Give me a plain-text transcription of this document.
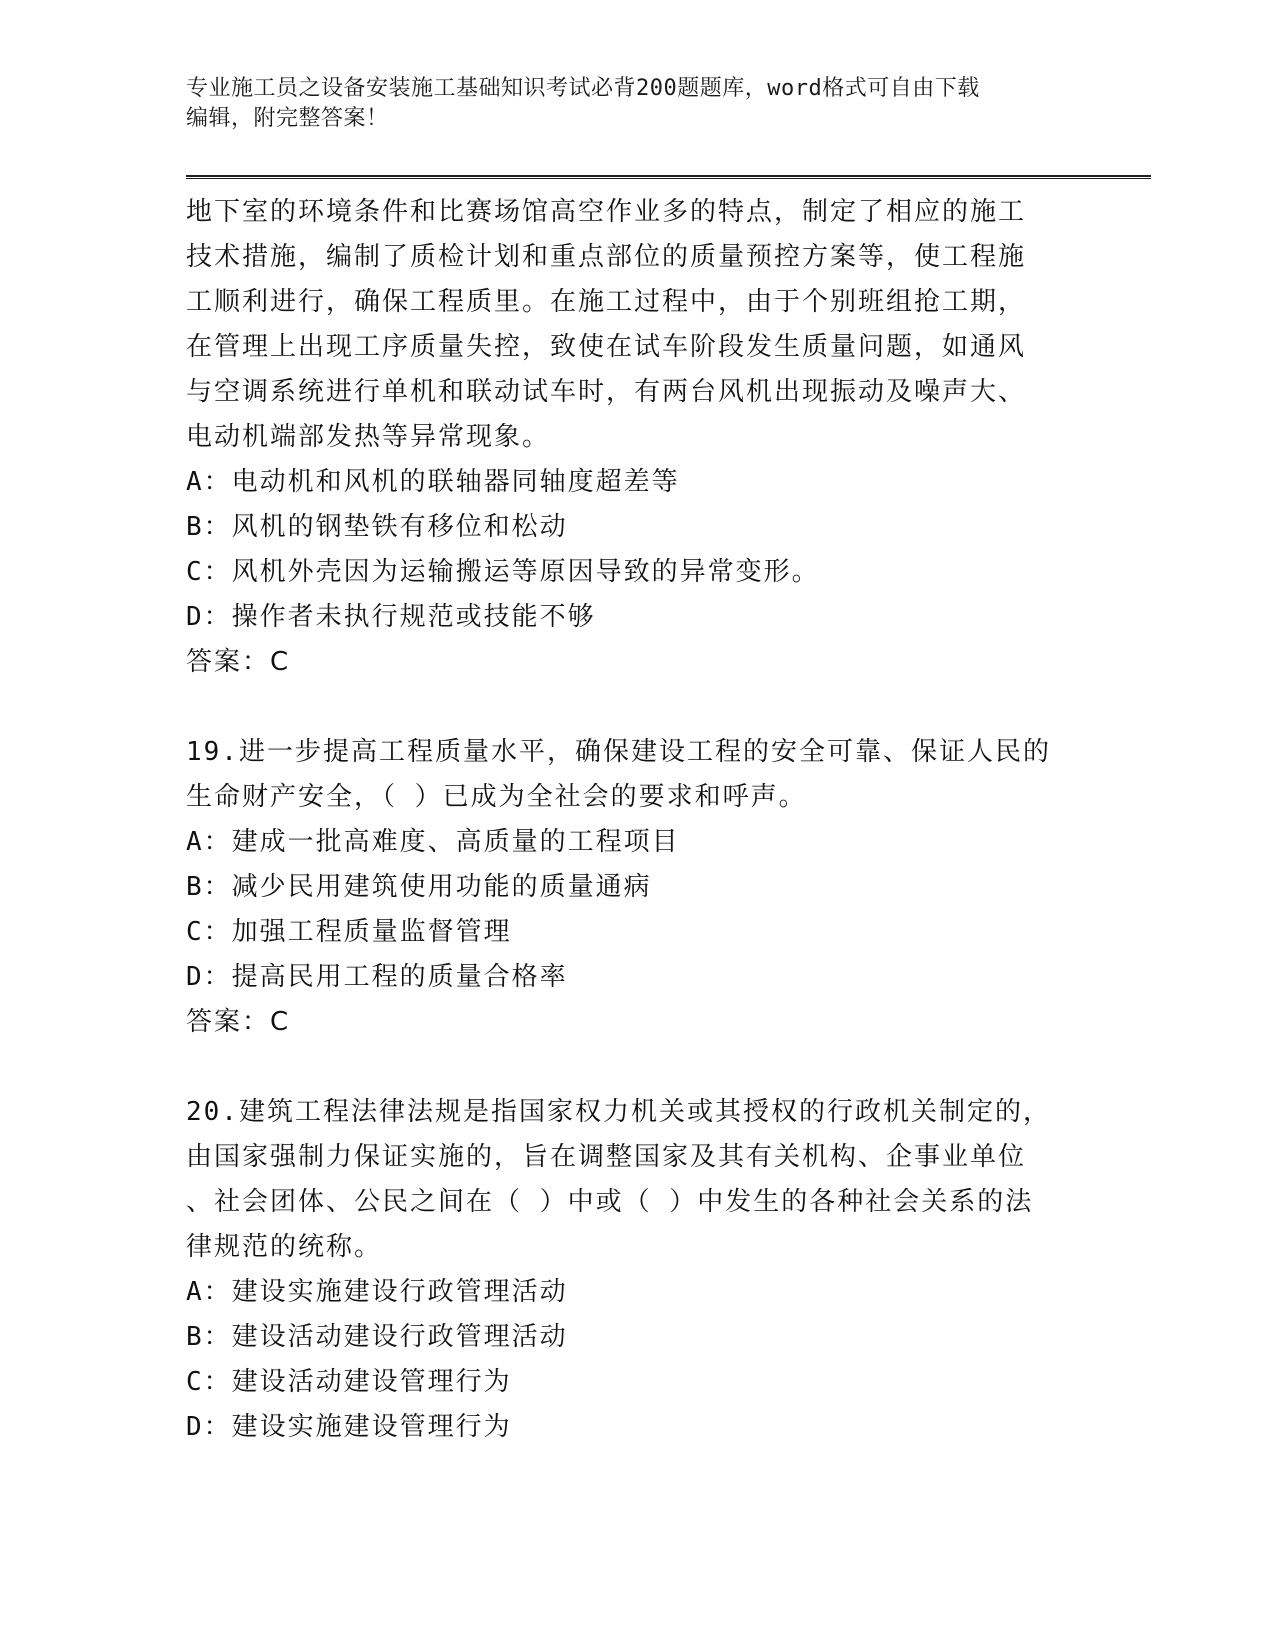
专业施工员之设备安装施工基础知识考试必背200题题库，word格式可自由下载
编辑，附完整答案！
地下室的环境条件和比赛场馆高空作业多的特点，制定了相应的施工
技术措施，编制了质检计划和重点部位的质量预控方案等，使工程施
工顺利进行，确保工程质里。在施工过程中，由于个别班组抢工期，
在管理上出现工序质量失控，致使在试车阶段发生质量问题，如通风
与空调系统进行单机和联动试车时，有两台风机出现振动及噪声大、
电动机端部发热等异常现象。
A：电动机和风机的联轴器同轴度超差等
B：风机的钢垫铁有移位和松动
C：风机外壳因为运输搬运等原因导致的异常变形。
D：操作者未执行规范或技能不够
答案：C
19.进一步提高工程质量水平，确保建设工程的安全可靠、保证人民的
生命财产安全，（ ）已成为全社会的要求和呼声。
A：建成一批高难度、高质量的工程项目
B：减少民用建筑使用功能的质量通病
C：加强工程质量监督管理
D：提高民用工程的质量合格率
答案：C
20.建筑工程法律法规是指国家权力机关或其授权的行政机关制定的，
由国家强制力保证实施的，旨在调整国家及其有关机构、企事业单位
、社会团体、公民之间在（ ）中或（ ）中发生的各种社会关系的法
律规范的统称。
A：建设实施建设行政管理活动
B：建设活动建设行政管理活动
C：建设活动建设管理行为
D：建设实施建设管理行为
